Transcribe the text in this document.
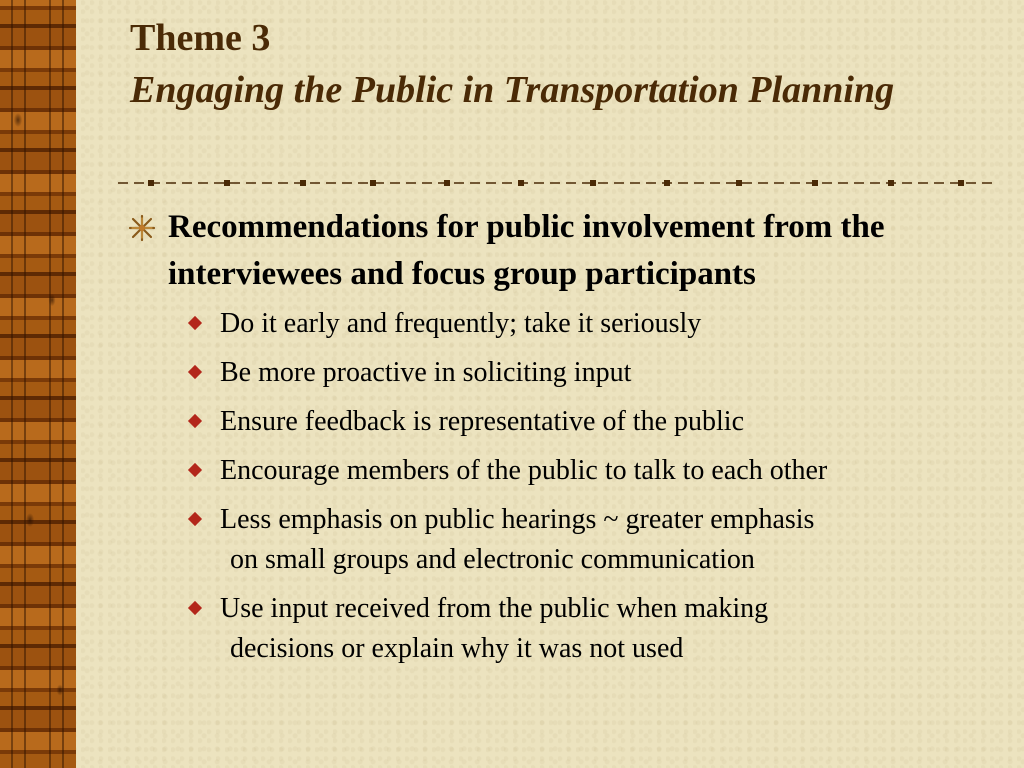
Theme 3
Engaging the Public in Transportation Planning
Recommendations for public involvement from the interviewees and focus group participants
Do it early and frequently; take it seriously
Be more proactive in soliciting input
Ensure feedback is representative of the public
Encourage members of the public to talk to each other
Less emphasis on public hearings ~ greater emphasis
on small groups and electronic communication
Use input received from the public when making
decisions or explain why it was not used
